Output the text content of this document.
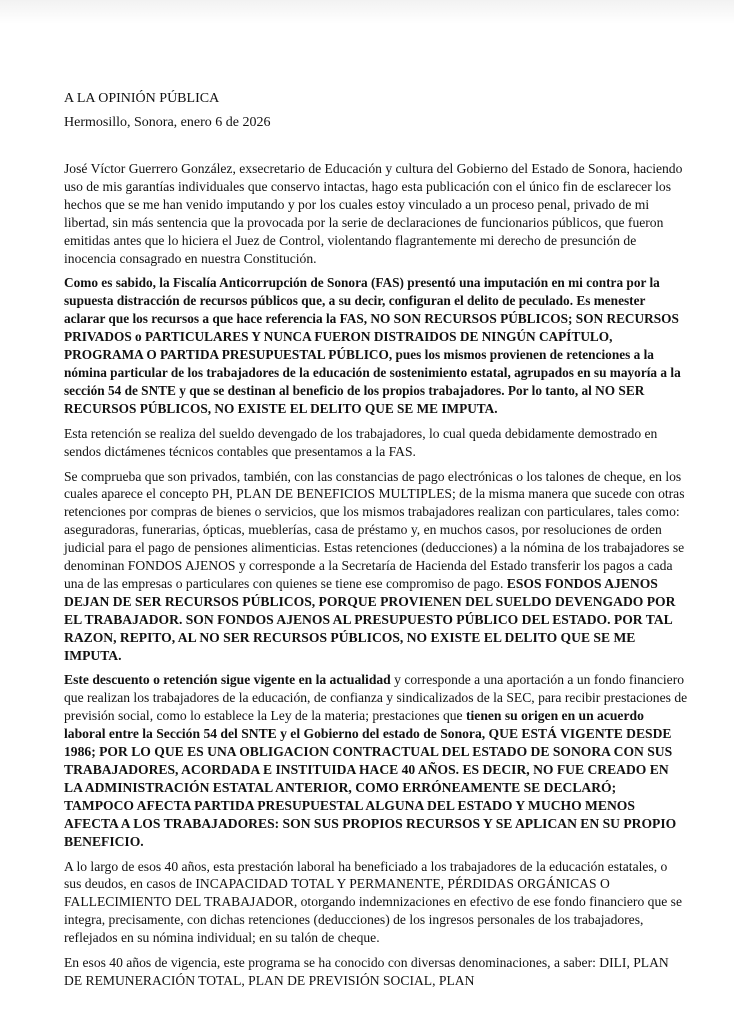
A LA OPINIÓN PÚBLICA

Hermosillo, Sonora, enero 6 de 2026

José Víctor Guerrero González, exsecretario de Educación y cultura del Gobierno del Estado de Sonora, haciendo uso de mis garantías individuales que conservo intactas, hago esta publicación con el único fin de esclarecer los hechos que se me han venido imputando y por los cuales estoy vinculado a un proceso penal, privado de mi libertad, sin más sentencia que la provocada por la serie de declaraciones de funcionarios públicos, que fueron emitidas antes que lo hiciera el Juez de Control, violentando flagrantemente mi derecho de presunción de inocencia consagrado en nuestra Constitución.

Como es sabido, la Fiscalía Anticorrupción de Sonora (FAS) presentó una imputación en mi contra por la supuesta distracción de recursos públicos que, a su decir, configuran el delito de peculado. Es menester aclarar que los recursos a que hace referencia la FAS, NO SON RECURSOS PÚBLICOS; SON RECURSOS PRIVADOS o PARTICULARES Y NUNCA FUERON DISTRAIDOS DE NINGÚN CAPÍTULO, PROGRAMA O PARTIDA PRESUPUESTAL PÚBLICO, pues los mismos provienen de retenciones a la nómina particular de los trabajadores de la educación de sostenimiento estatal, agrupados en su mayoría a la sección 54 de SNTE y que se destinan al beneficio de los propios trabajadores. Por lo tanto, al NO SER RECURSOS PÚBLICOS, NO EXISTE EL DELITO QUE SE ME IMPUTA.

Esta retención se realiza del sueldo devengado de los trabajadores, lo cual queda debidamente demostrado en sendos dictámenes técnicos contables que presentamos a la FAS.

Se comprueba que son privados, también, con las constancias de pago electrónicas o los talones de cheque, en los cuales aparece el concepto PH, PLAN DE BENEFICIOS MULTIPLES; de la misma manera que sucede con otras retenciones por compras de bienes o servicios, que los mismos trabajadores realizan con particulares, tales como: aseguradoras, funerarias, ópticas, mueblerías, casa de préstamo y, en muchos casos, por resoluciones de orden judicial para el pago de pensiones alimenticias. Estas retenciones (deducciones) a la nómina de los trabajadores se denominan FONDOS AJENOS y corresponde a la Secretaría de Hacienda del Estado transferir los pagos a cada una de las empresas o particulares con quienes se tiene ese compromiso de pago. ESOS FONDOS AJENOS DEJAN DE SER RECURSOS PÚBLICOS, PORQUE PROVIENEN DEL SUELDO DEVENGADO POR EL TRABAJADOR. SON FONDOS AJENOS AL PRESUPUESTO PÚBLICO DEL ESTADO. POR TAL RAZON, REPITO, AL NO SER RECURSOS PÚBLICOS, NO EXISTE EL DELITO QUE SE ME IMPUTA.

Este descuento o retención sigue vigente en la actualidad y corresponde a una aportación a un fondo financiero que realizan los trabajadores de la educación, de confianza y sindicalizados de la SEC, para recibir prestaciones de previsión social, como lo establece la Ley de la materia; prestaciones que tienen su origen en un acuerdo laboral entre la Sección 54 del SNTE y el Gobierno del estado de Sonora, QUE ESTÁ VIGENTE DESDE 1986; POR LO QUE ES UNA OBLIGACION CONTRACTUAL DEL ESTADO DE SONORA CON SUS TRABAJADORES, ACORDADA E INSTITUIDA HACE 40 AÑOS. ES DECIR, NO FUE CREADO EN LA ADMINISTRACIÓN ESTATAL ANTERIOR, COMO ERRÓNEAMENTE SE DECLARÓ; TAMPOCO AFECTA PARTIDA PRESUPUESTAL ALGUNA DEL ESTADO Y MUCHO MENOS AFECTA A LOS TRABAJADORES: SON SUS PROPIOS RECURSOS Y SE APLICAN EN SU PROPIO BENEFICIO.

A lo largo de esos 40 años, esta prestación laboral ha beneficiado a los trabajadores de la educación estatales, o sus deudos, en casos de INCAPACIDAD TOTAL Y PERMANENTE, PÉRDIDAS ORGÁNICAS O FALLECIMIENTO DEL TRABAJADOR, otorgando indemnizaciones en efectivo de ese fondo financiero que se integra, precisamente, con dichas retenciones (deducciones) de los ingresos personales de los trabajadores, reflejados en su nómina individual; en su talón de cheque.

En esos 40 años de vigencia, este programa se ha conocido con diversas denominaciones, a saber: DILI, PLAN DE REMUNERACIÓN TOTAL, PLAN DE PREVISIÓN SOCIAL, PLAN
